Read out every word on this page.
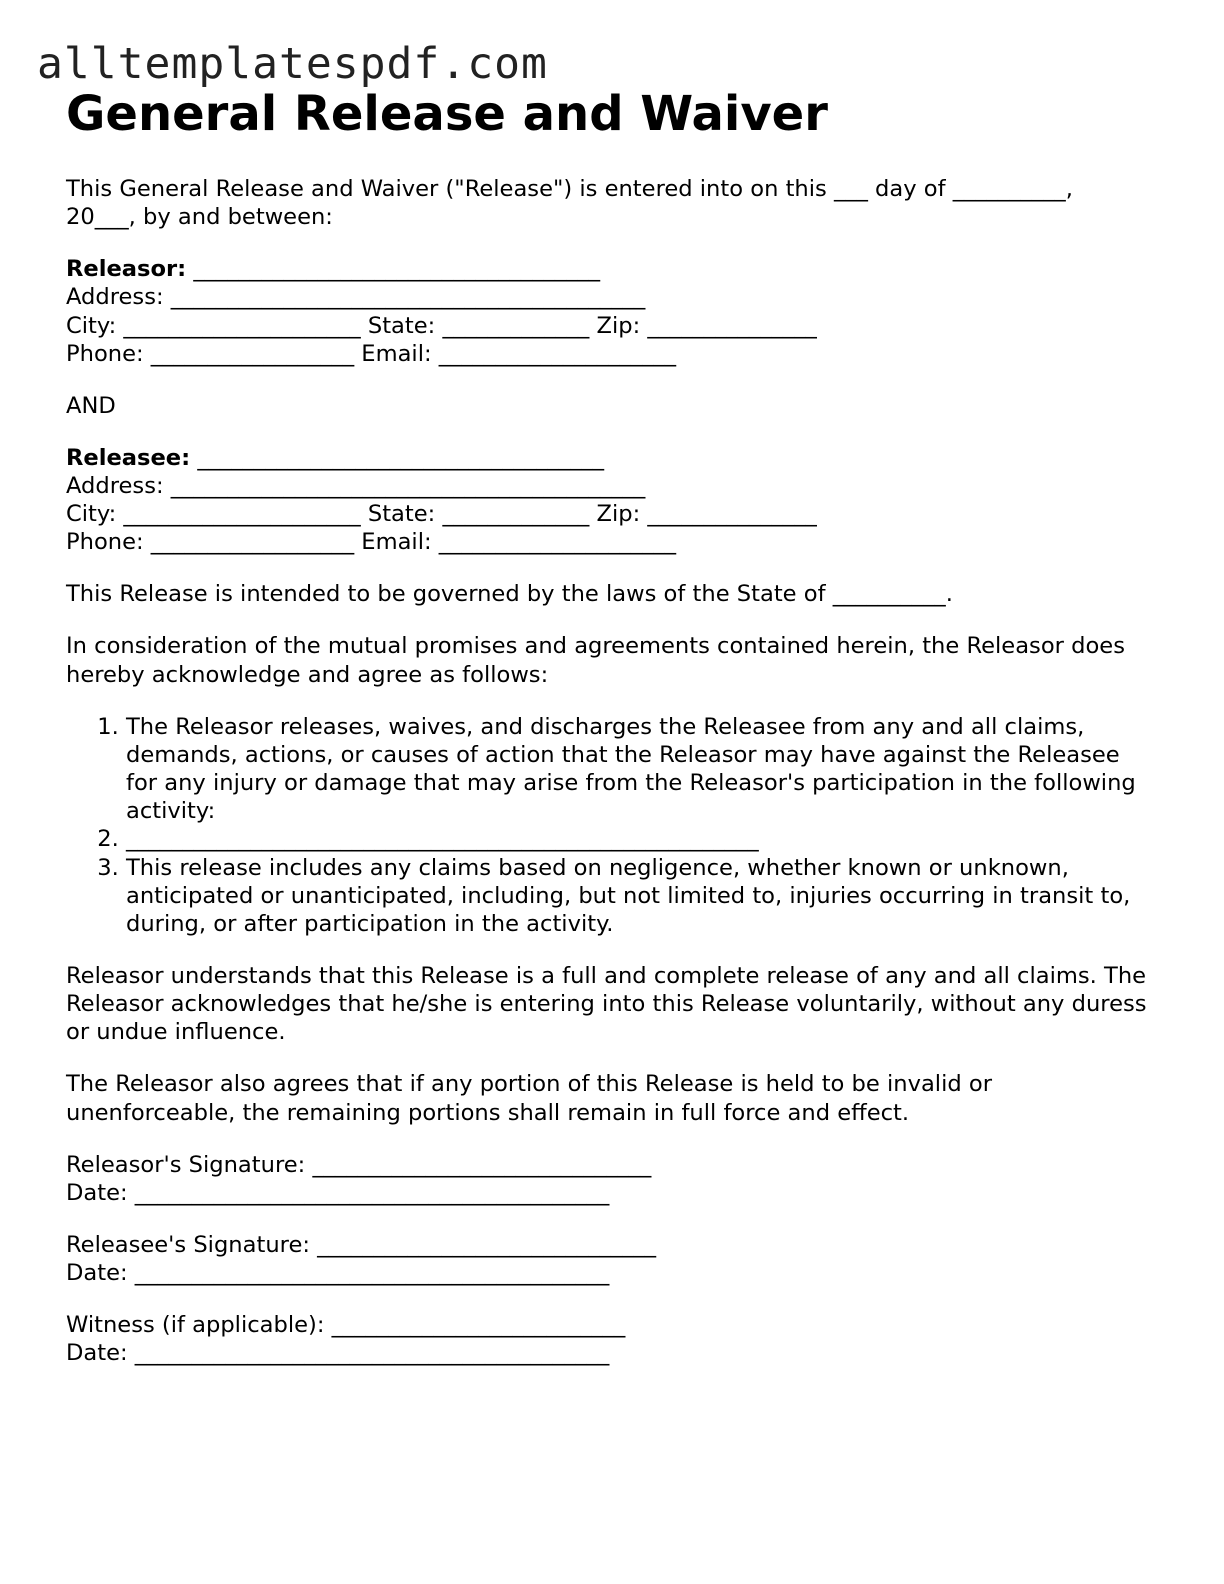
alltemplatespdf.com
General Release and Waiver
This General Release and Waiver ("Release") is entered into on this ___ day of __________,
20___, by and between:
Releasor: ____________________________________
Address: __________________________________________
City: _____________________ State: _____________ Zip: _______________
Phone: __________________ Email: _____________________

AND

Releasee: ____________________________________
Address: __________________________________________
City: _____________________ State: _____________ Zip: _______________
Phone: __________________ Email: _____________________

This Release is intended to be governed by the laws of the State of __________.

In consideration of the mutual promises and agreements contained herein, the Releasor does hereby acknowledge and agree as follows:

1. The Releasor releases, waives, and discharges the Releasee from any and all claims, demands, actions, or causes of action that the Releasor may have against the Releasee for any injury or damage that may arise from the Releasor's participation in the following activity:
2. ________________________________________________________
3. This release includes any claims based on negligence, whether known or unknown, anticipated or unanticipated, including, but not limited to, injuries occurring in transit to, during, or after participation in the activity.

Releasor understands that this Release is a full and complete release of any and all claims. The Releasor acknowledges that he/she is entering into this Release voluntarily, without any duress or undue influence.

The Releasor also agrees that if any portion of this Release is held to be invalid or unenforceable, the remaining portions shall remain in full force and effect.

Releasor's Signature: ______________________________
Date: __________________________________________
Releasee's Signature: ______________________________
Date: __________________________________________
Witness (if applicable): __________________________
Date: __________________________________________
